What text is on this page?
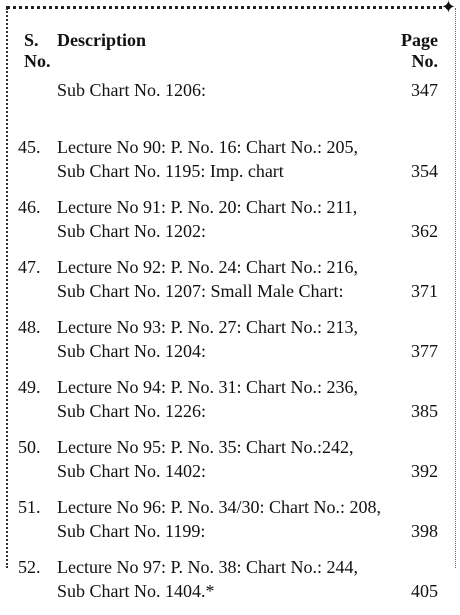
✦
S.
No.
Description	Page
No.
Sub Chart No. 1206:	347
45. Lecture No 90: P. No. 16: Chart No.: 205,
Sub Chart No. 1195: Imp. chart	354
46. Lecture No 91: P. No. 20: Chart No.: 211,
Sub Chart No. 1202:	362
47. Lecture No 92: P. No. 24: Chart No.: 216,
Sub Chart No. 1207: Small Male Chart:	371
48. Lecture No 93: P. No. 27: Chart No.: 213,
Sub Chart No. 1204:	377
49. Lecture No 94: P. No. 31: Chart No.: 236,
Sub Chart No. 1226:	385
50. Lecture No 95: P. No. 35: Chart No.:242,
Sub Chart No. 1402:	392
51. Lecture No 96: P. No. 34/30: Chart No.: 208,
Sub Chart No. 1199:	398
52. Lecture No 97: P. No. 38: Chart No.: 244,
Sub Chart No. 1404.*	405
